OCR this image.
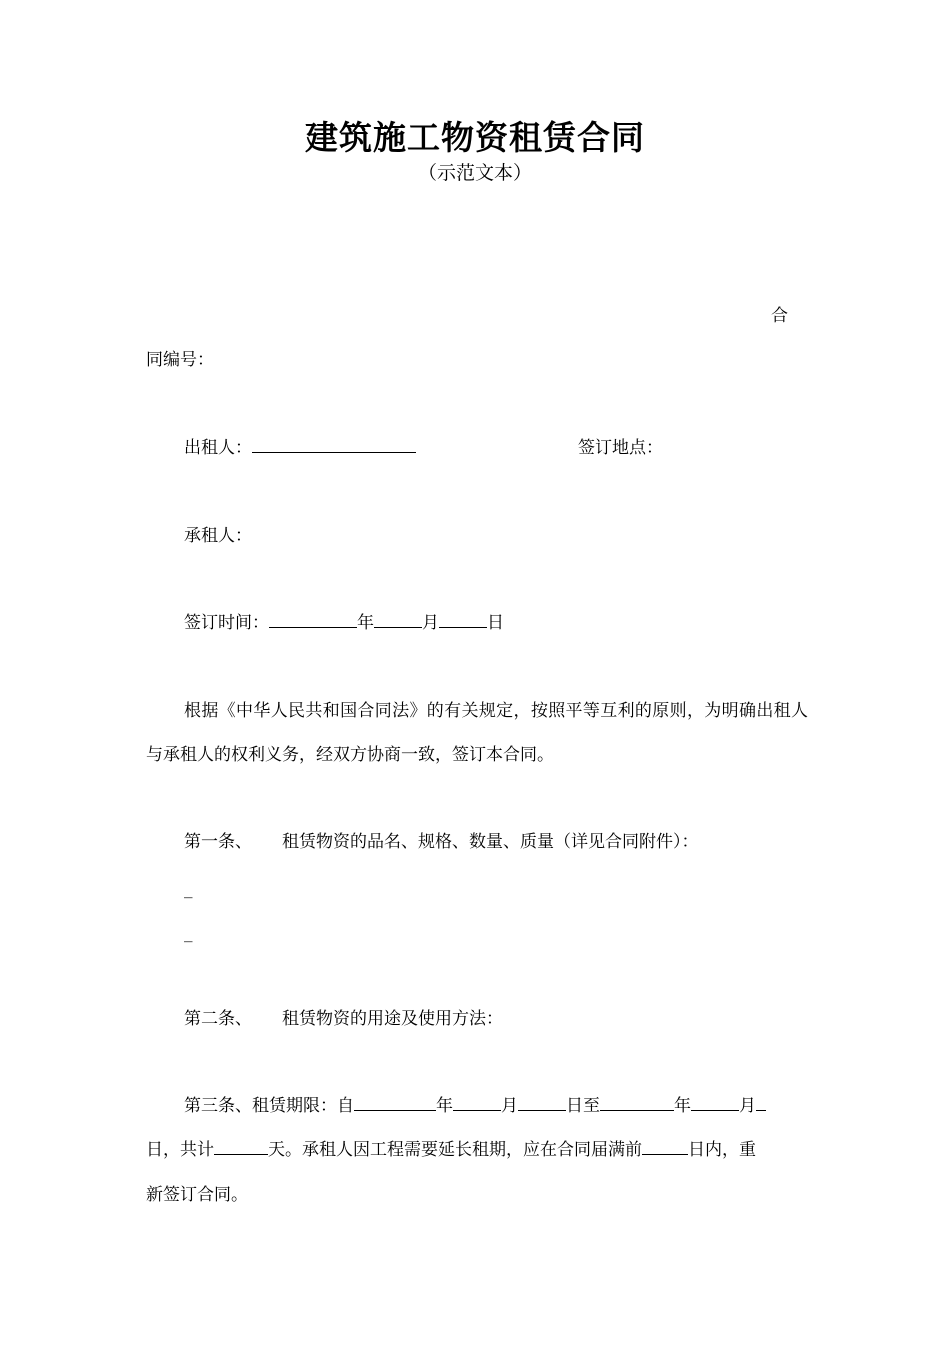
建筑施工物资租赁合同
（示范文本）
合
同编号：
出租人：	签订地点：
承租人：
签订时间：	年	月	日
根据《中华人民共和国合同法》的有关规定，按照平等互利的原则，为明确出租人与承租人的权利义务，经双方协商一致，签订本合同。
第一条、 租赁物资的品名、规格、数量、质量（详见合同附件）：
_
_
第二条、 租赁物资的用途及使用方法：
第三条、租赁期限：自	年	月	日至	年	月
日，共计	天。承租人因工程需要延长租期，应在合同届满前	日内，重
新签订合同。
